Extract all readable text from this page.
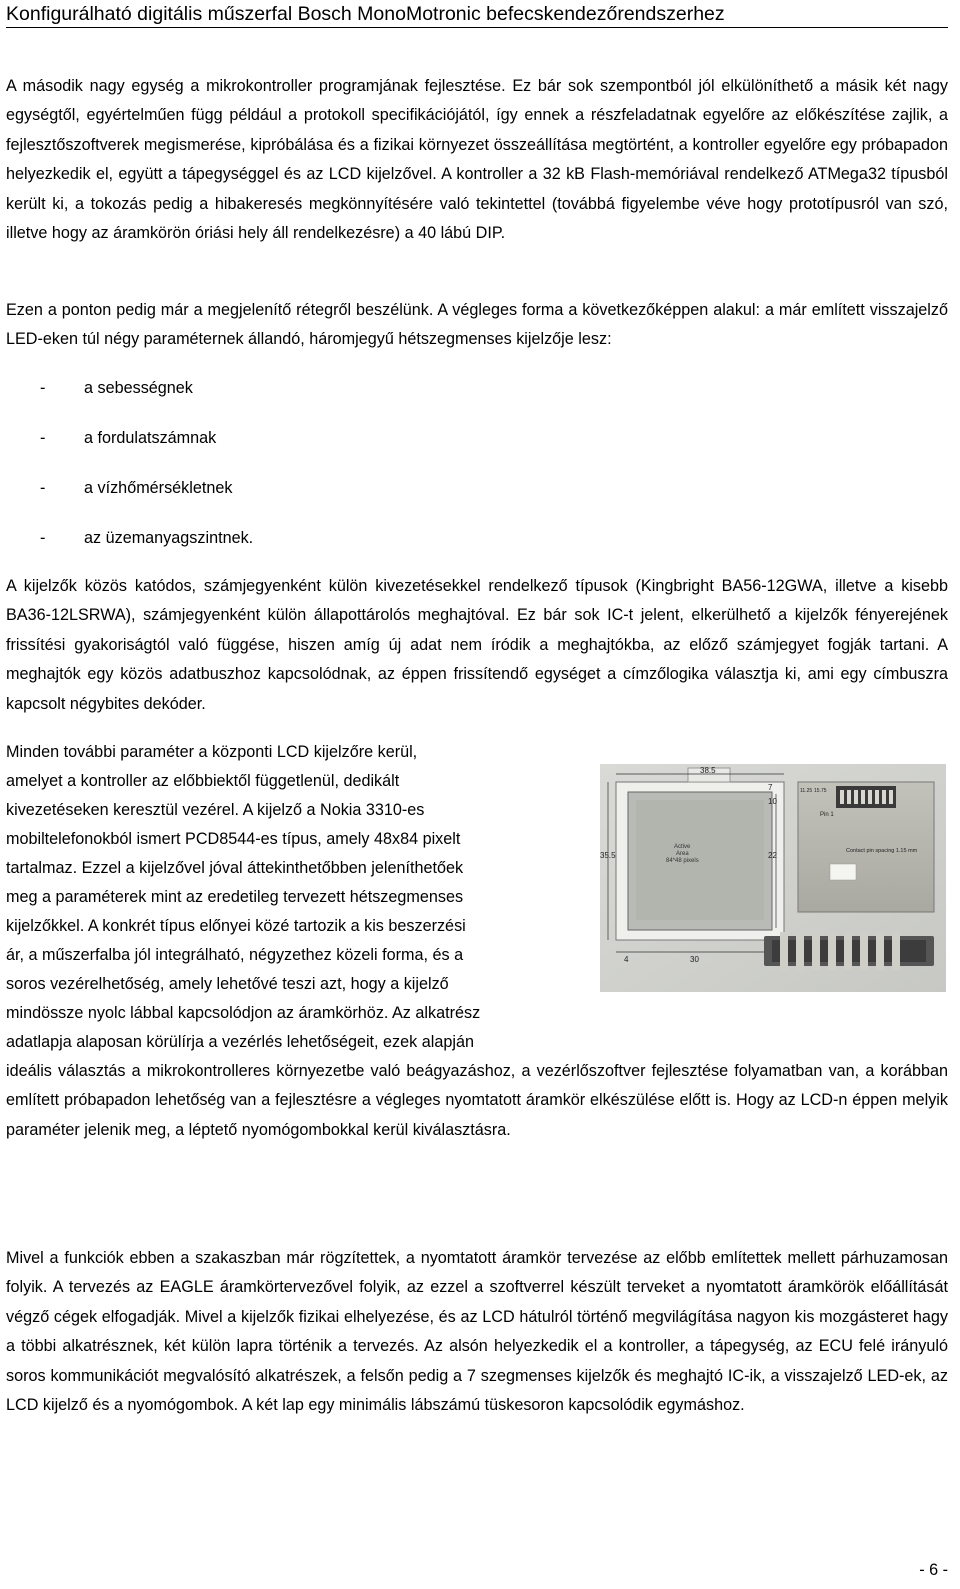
Konfigurálható digitális műszerfal Bosch MonoMotronic befecskendezőrendszerhez

A második nagy egység a mikrokontroller programjának fejlesztése. Ez bár sok szempontból jól elkülöníthető a másik két nagy egységtől, egyértelműen függ például a protokoll specifikációjától, így ennek a részfeladatnak egyelőre az előkészítése zajlik, a fejlesztőszoftverek megismerése, kipróbálása és a fizikai környezet összeállítása megtörtént, a kontroller egyelőre egy próbapadon helyezkedik el, együtt a tápegységgel és az LCD kijelzővel. A kontroller a 32 kB Flash-memóriával rendelkező ATMega32 típusból került ki, a tokozás pedig a hibakeresés megkönnyítésére való tekintettel (továbbá figyelembe véve hogy prototípusról van szó, illetve hogy az áramkörön óriási hely áll rendelkezésre) a 40 lábú DIP.

Ezen a ponton pedig már a megjelenítő rétegről beszélünk. A végleges forma a következőképpen alakul: a már említett visszajelző LED-eken túl négy paraméternek állandó, háromjegyű hétszegmenses kijelzője lesz:

- a sebességnek
- a fordulatszámnak
- a vízhőmérsékletnek
- az üzemanyagszintnek.

A kijelzők közös katódos, számjegyenként külön kivezetésekkel rendelkező típusok (Kingbright BA56-12GWA, illetve a kisebb BA36-12LSRWA), számjegyenként külön állapottárolós meghajtóval. Ez bár sok IC-t jelent, elkerülhető a kijelzők fényerejének frissítési gyakoriságtól való függése, hiszen amíg új adat nem íródik a meghajtókba, az előző számjegyet fogják tartani. A meghajtók egy közös adatbuszhoz kapcsolódnak, az éppen frissítendő egységet a címzőlogika választja ki, ami egy címbuszra kapcsolt négybites dekóder.

Minden további paraméter a központi LCD kijelzőre kerül,
amelyet a kontroller az előbbiektől függetlenül, dedikált
kivezetéseken keresztül vezérel. A kijelző a Nokia 3310-es
mobiltelefonokból ismert PCD8544-es típus, amely 48x84 pixelt
tartalmaz. Ezzel a kijelzővel jóval áttekinthetőbben jeleníthetőek
meg a paraméterek mint az eredetileg tervezett hétszegmenses
kijelzőkkel. A konkrét típus előnyei közé tartozik a kis beszerzési
ár, a műszerfalba jól integrálható, négyzethez közeli forma, és a
soros vezérelhetőség, amely lehetővé teszi azt, hogy a kijelző
mindössze nyolc lábbal kapcsolódjon az áramkörhöz. Az alkatrész
adatlapja alaposan körülírja a vezérlés lehetőségeit, ezek alapján

ideális választás a mikrokontrolleres környezetbe való beágyazáshoz, a vezérlőszoftver fejlesztése folyamatban van, a korábban említett próbapadon lehetőség van a fejlesztésre a végleges nyomtatott áramkör elkészülése előtt is. Hogy az LCD-n éppen melyik paraméter jelenik meg, a léptető nyomógombokkal kerül kiválasztásra.

38.5
35.5
4	30
7
10
22
Active
Area
84*48 pixels
11.25 15.75
Pin 1
Contact pin spacing 1.15 mm

Mivel a funkciók ebben a szakaszban már rögzítettek, a nyomtatott áramkör tervezése az előbb említettek mellett párhuzamosan folyik. A tervezés az EAGLE áramkörtervezővel folyik, az ezzel a szoftverrel készült terveket a nyomtatott áramkörök előállítását végző cégek elfogadják. Mivel a kijelzők fizikai elhelyezése, és az LCD hátulról történő megvilágítása nagyon kis mozgásteret hagy a többi alkatrésznek, két külön lapra történik a tervezés. Az alsón helyezkedik el a kontroller, a tápegység, az ECU felé irányuló soros kommunikációt megvalósító alkatrészek, a felsőn pedig a 7 szegmenses kijelzők és meghajtó IC-ik, a visszajelző LED-ek, az LCD kijelző és a nyomógombok. A két lap egy minimális lábszámú tüskesoron kapcsolódik egymáshoz.

- 6 -
